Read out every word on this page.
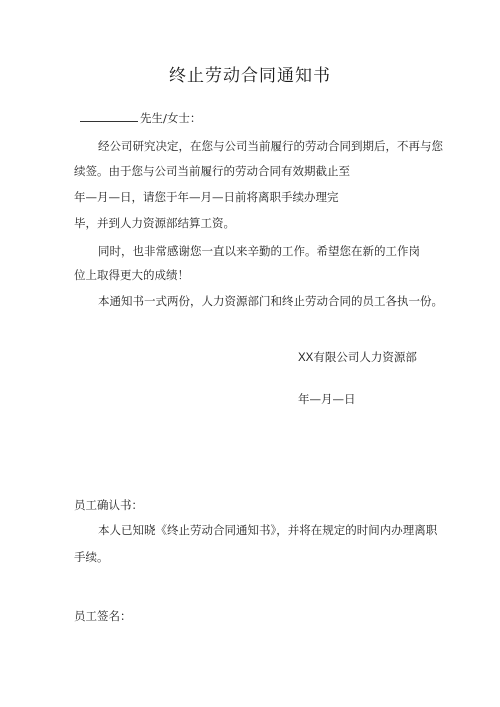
终止劳动合同通知书
先生/女士：
经公司研究决定，在您与公司当前履行的劳动合同到期后，不再与您
续签。由于您与公司当前履行的劳动合同有效期截止至
年—月—日，请您于年—月—日前将离职手续办理完
毕，并到人力资源部结算工资。
同时，也非常感谢您一直以来辛勤的工作。希望您在新的工作岗
位上取得更大的成绩！
本通知书一式两份，人力资源部门和终止劳动合同的员工各执一份。
XX有限公司人力资源部
年—月—日
员工确认书：
本人已知晓《终止劳动合同通知书》，并将在规定的时间内办理离职
手续。
员工签名：
